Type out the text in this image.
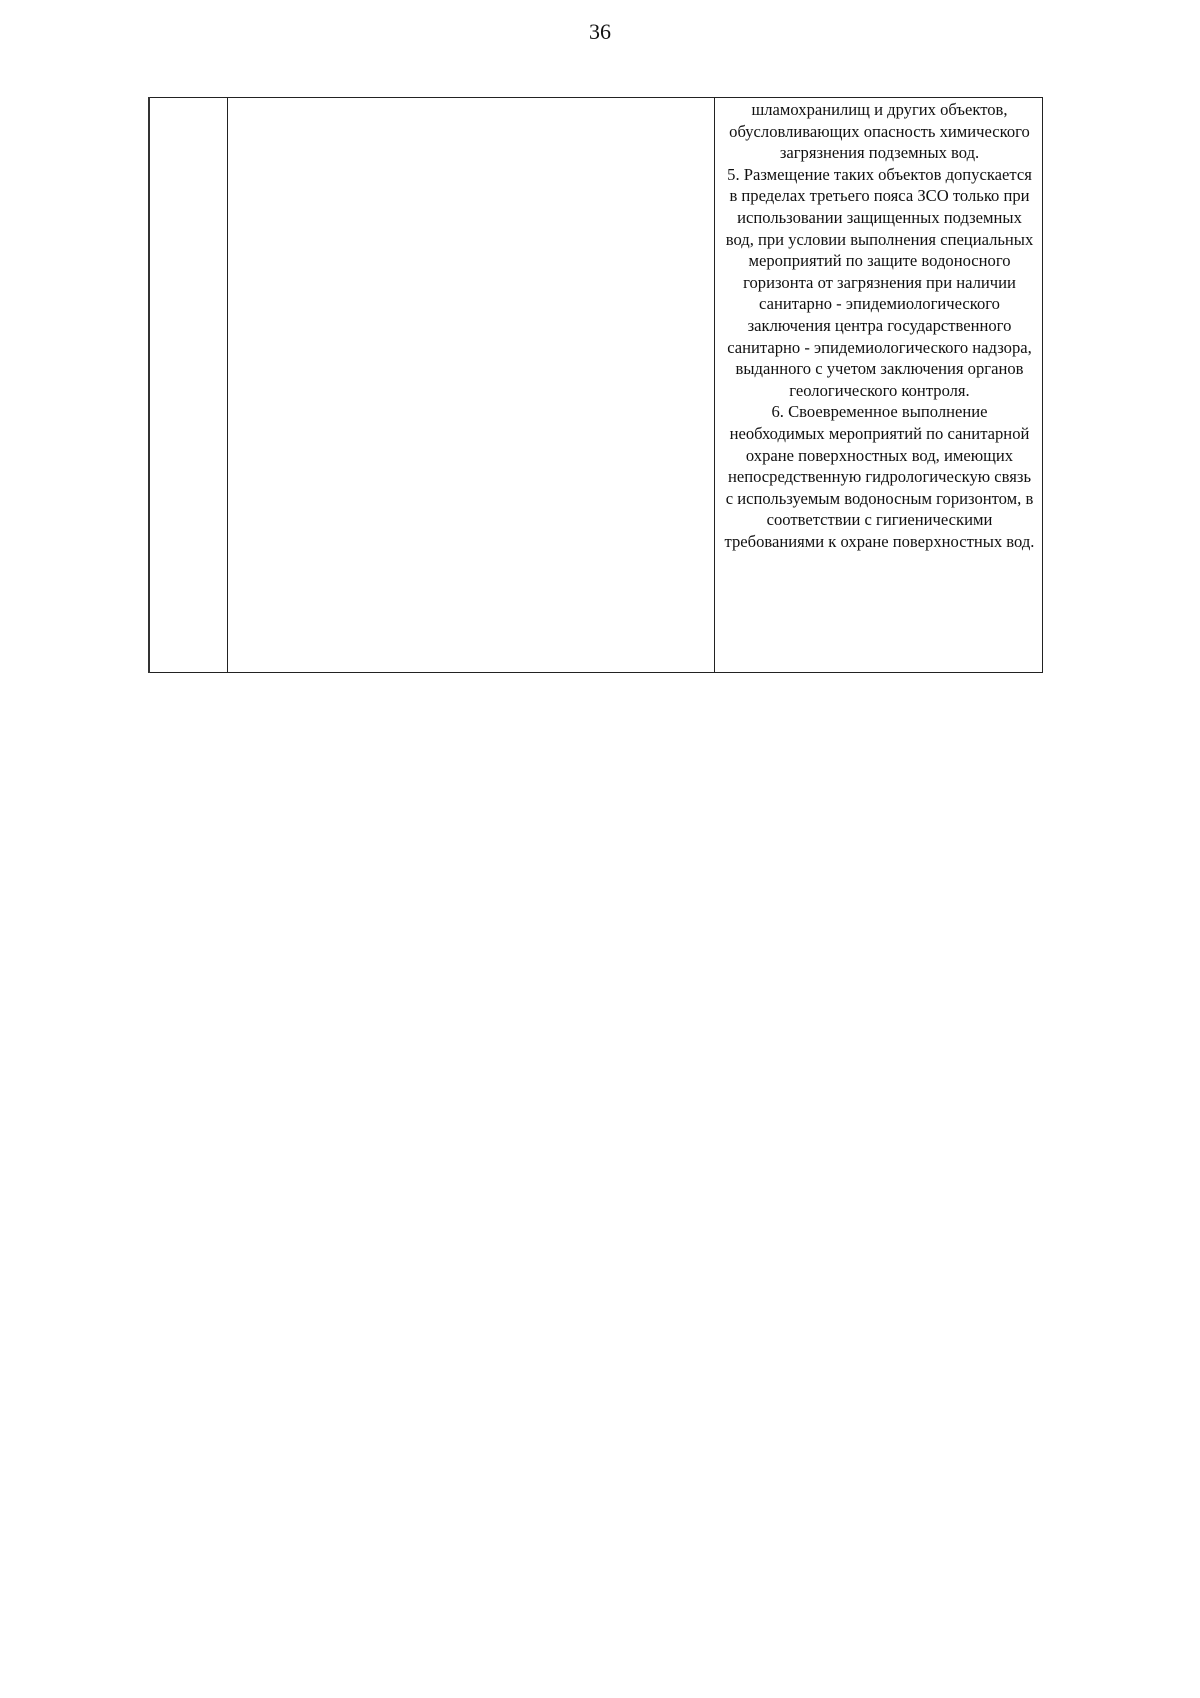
36

шламохранилищ и других объектов, обусловливающих опасность химического загрязнения подземных вод.

5. Размещение таких объектов допускается в пределах третьего пояса ЗСО только при использовании защищенных подземных вод, при условии выполнения специальных мероприятий по защите водоносного горизонта от загрязнения при наличии санитарно - эпидемиологического заключения центра государственного санитарно - эпидемиологического надзора, выданного с учетом заключения органов геологического контроля.

6. Своевременное выполнение необходимых мероприятий по санитарной охране поверхностных вод, имеющих непосредственную гидрологическую связь с используемым водоносным горизонтом, в соответствии с гигиеническими требованиями к охране поверхностных вод.
